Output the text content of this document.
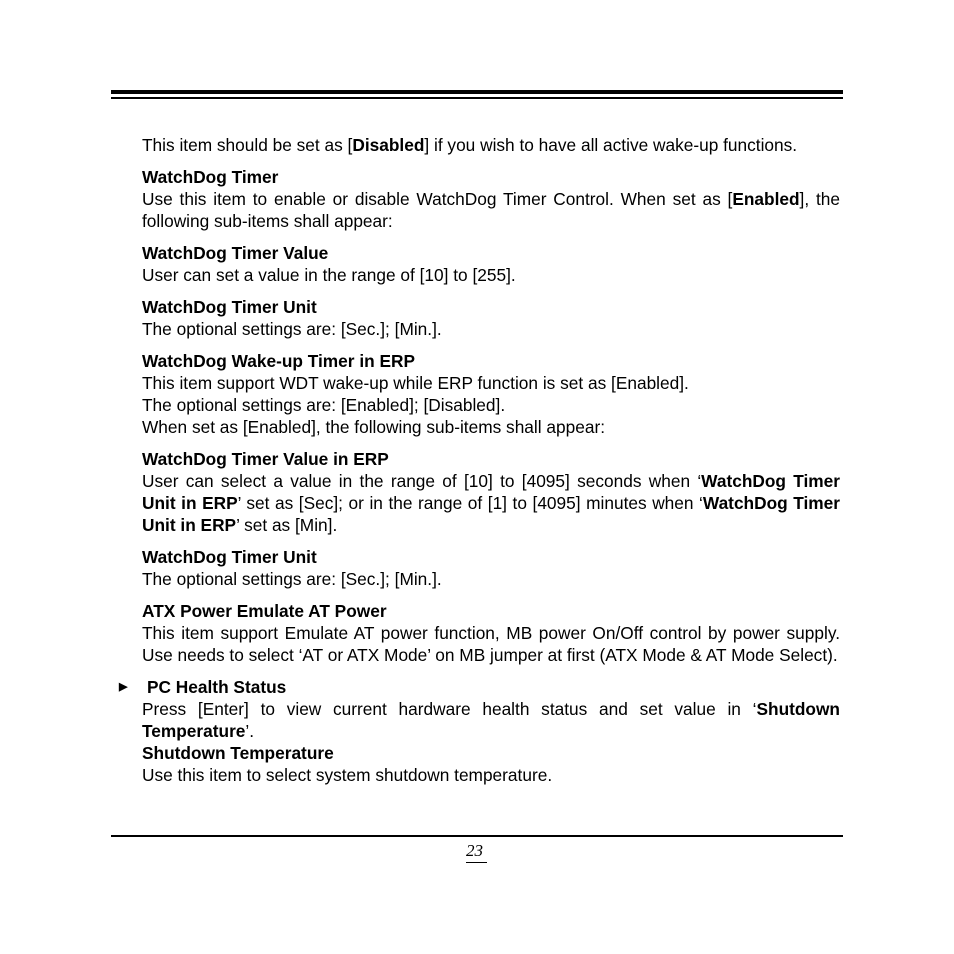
This item should be set as [Disabled] if you wish to have all active wake-up functions.

WatchDog Timer

Use this item to enable or disable WatchDog Timer Control. When set as [Enabled], the following sub-items shall appear:

WatchDog Timer Value

User can set a value in the range of [10] to [255].

WatchDog Timer Unit

The optional settings are: [Sec.]; [Min.].

WatchDog Wake-up Timer in ERP

This item support WDT wake-up while ERP function is set as [Enabled].

The optional settings are: [Enabled]; [Disabled].

When set as [Enabled], the following sub-items shall appear:

WatchDog Timer Value in ERP

User can select a value in the range of [10] to [4095] seconds when ‘WatchDog Timer Unit in ERP’ set as [Sec]; or in the range of [1] to [4095] minutes when ‘WatchDog Timer Unit in ERP’ set as [Min].

WatchDog Timer Unit

The optional settings are: [Sec.]; [Min.].

ATX Power Emulate AT Power

This item support Emulate AT power function, MB power On/Off control by power supply. Use needs to select ‘AT or ATX Mode’ on MB jumper at first (ATX Mode & AT Mode Select).

▶ PC Health Status

Press [Enter] to view current hardware health status and set value in ‘Shutdown Temperature’.

Shutdown Temperature

Use this item to select system shutdown temperature.

23
